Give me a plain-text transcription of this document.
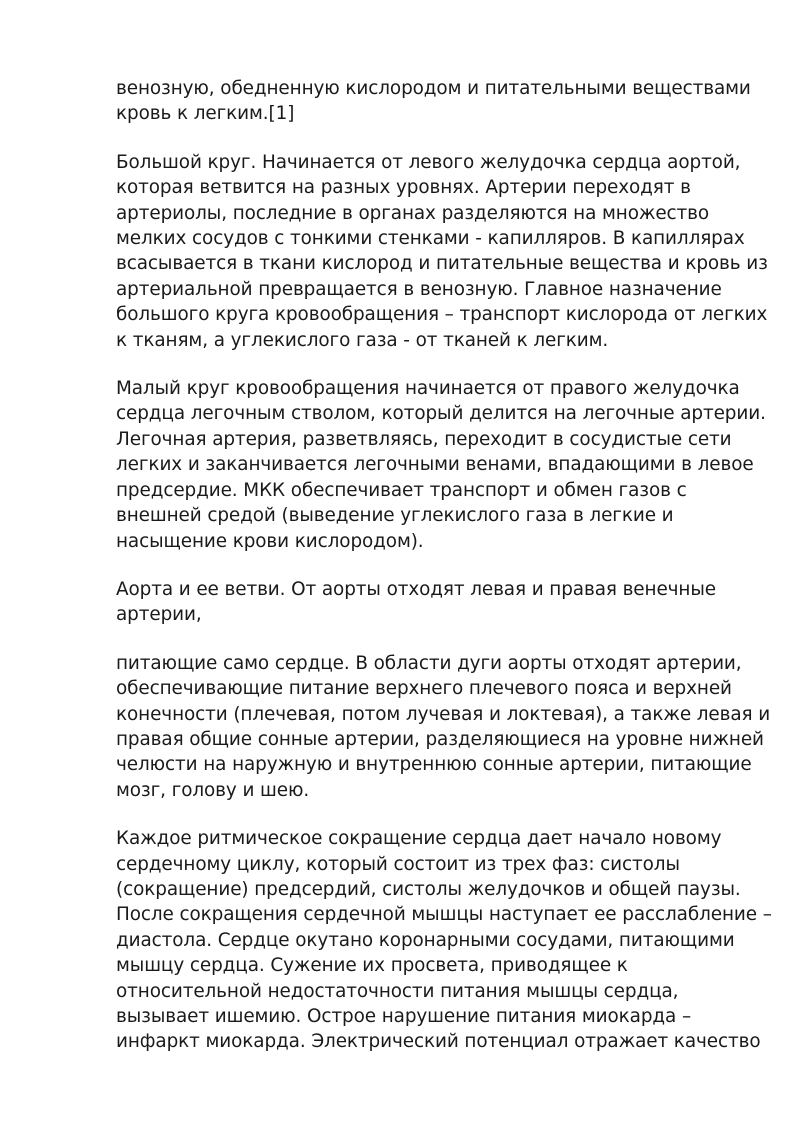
венозную, обедненную кислородом и питательными веществами
кровь к легким.[1]

Большой круг. Начинается от левого желудочка сердца аортой,
которая ветвится на разных уровнях. Артерии переходят в
артериолы, последние в органах разделяются на множество
мелких сосудов с тонкими стенками - капилляров. В капиллярах
всасывается в ткани кислород и питательные вещества и кровь из
артериальной превращается в венозную. Главное назначение
большого круга кровообращения – транспорт кислорода от легких
к тканям, а углекислого газа - от тканей к легким.

Малый круг кровообращения начинается от правого желудочка
сердца легочным стволом, который делится на легочные артерии.
Легочная артерия, разветвляясь, переходит в сосудистые сети
легких и заканчивается легочными венами, впадающими в левое
предсердие. МКК обеспечивает транспорт и обмен газов с
внешней средой (выведение углекислого газа в легкие и
насыщение крови кислородом).

Аорта и ее ветви. От аорты отходят левая и правая венечные
артерии,

питающие само сердце. В области дуги аорты отходят артерии,
обеспечивающие питание верхнего плечевого пояса и верхней
конечности (плечевая, потом лучевая и локтевая), а также левая и
правая общие сонные артерии, разделяющиеся на уровне нижней
челюсти на наружную и внутреннюю сонные артерии, питающие
мозг, голову и шею.

Каждое ритмическое сокращение сердца дает начало новому
сердечному циклу, который состоит из трех фаз: систолы
(сокращение) предсердий, систолы желудочков и общей паузы.
После сокращения сердечной мышцы наступает ее расслабление –
диастола. Сердце окутано коронарными сосудами, питающими
мышцу сердца. Сужение их просвета, приводящее к
относительной недостаточности питания мышцы сердца,
вызывает ишемию. Острое нарушение питания миокарда –
инфаркт миокарда. Электрический потенциал отражает качество
